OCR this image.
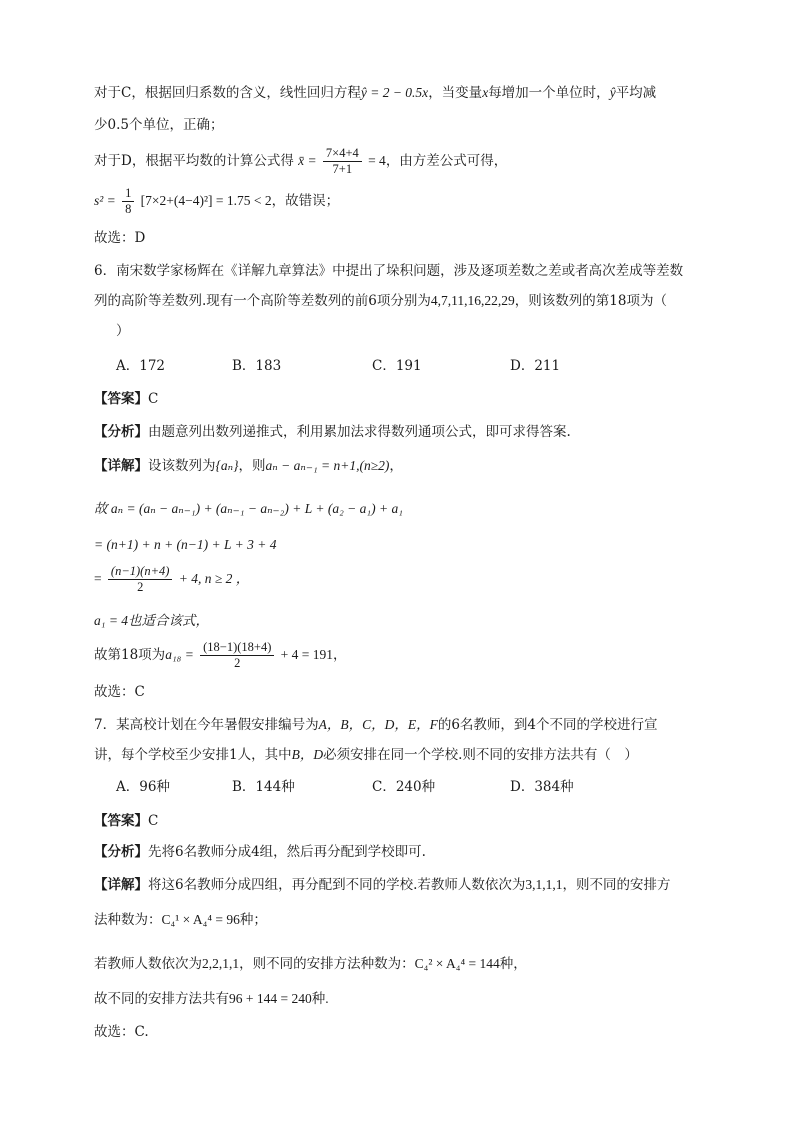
对于C，根据回归系数的含义，线性回归方程ŷ = 2 − 0.5x，当变量x每增加一个单位时，ŷ平均减
少0.5个单位，正确；
对于D，根据平均数的计算公式得 x̄ = $\frac{7\times 4+4}{7+1} = 4$，由方差公式可得，
$s^2 = \frac{1}{8} [7\times 2+(4-4)^2] = 1.75 < 2$，故错误；
故选：D
6．南宋数学家杨辉在《详解九章算法》中提出了垛积问题，涉及逐项差数之差或者高次差成等差数
列的高阶等差数列.现有一个高阶等差数列的前6项分别为4,7,11,16,22,29，则该数列的第18项为（
）
A．172	B．183	C．191	D．211
【答案】C
【分析】由题意列出数列递推式，利用累加法求得数列通项公式，即可求得答案.
【详解】设该数列为{aₙ}，则aₙ − aₙ₋₁ = n+1,(n≥2)，
故 aₙ = (aₙ − aₙ₋₁) + (aₙ₋₁ − aₙ₋₂) + L + (a₂ − a₁) + a₁
= (n+1) + n + (n−1) + L + 3 + 4
= $\frac{(n-1)(n+4)}{2} + 4$, n ≥ 2 ，
a₁ = 4也适合该式，
故第18项为$a_{18} = \frac{(18-1)(18+4)}{2} + 4 = 191$，
故选：C
7．某高校计划在今年暑假安排编号为A，B，C，D，E，F的6名教师，到4个不同的学校进行宣
讲，每个学校至少安排1人，其中B，D必须安排在同一个学校.则不同的安排方法共有（　）
A．96种	B．144种	C．240种	D．384种
【答案】C
【分析】先将6名教师分成4组，然后再分配到学校即可.
【详解】将这6名教师分成四组，再分配到不同的学校.若教师人数依次为3,1,1,1，则不同的安排方
法种数为：C₄¹ × A₄⁴ = 96种；
若教师人数依次为2,2,1,1，则不同的安排方法种数为：C₄² × A₄⁴ = 144种，
故不同的安排方法共有96 + 144 = 240种.
故选：C.
